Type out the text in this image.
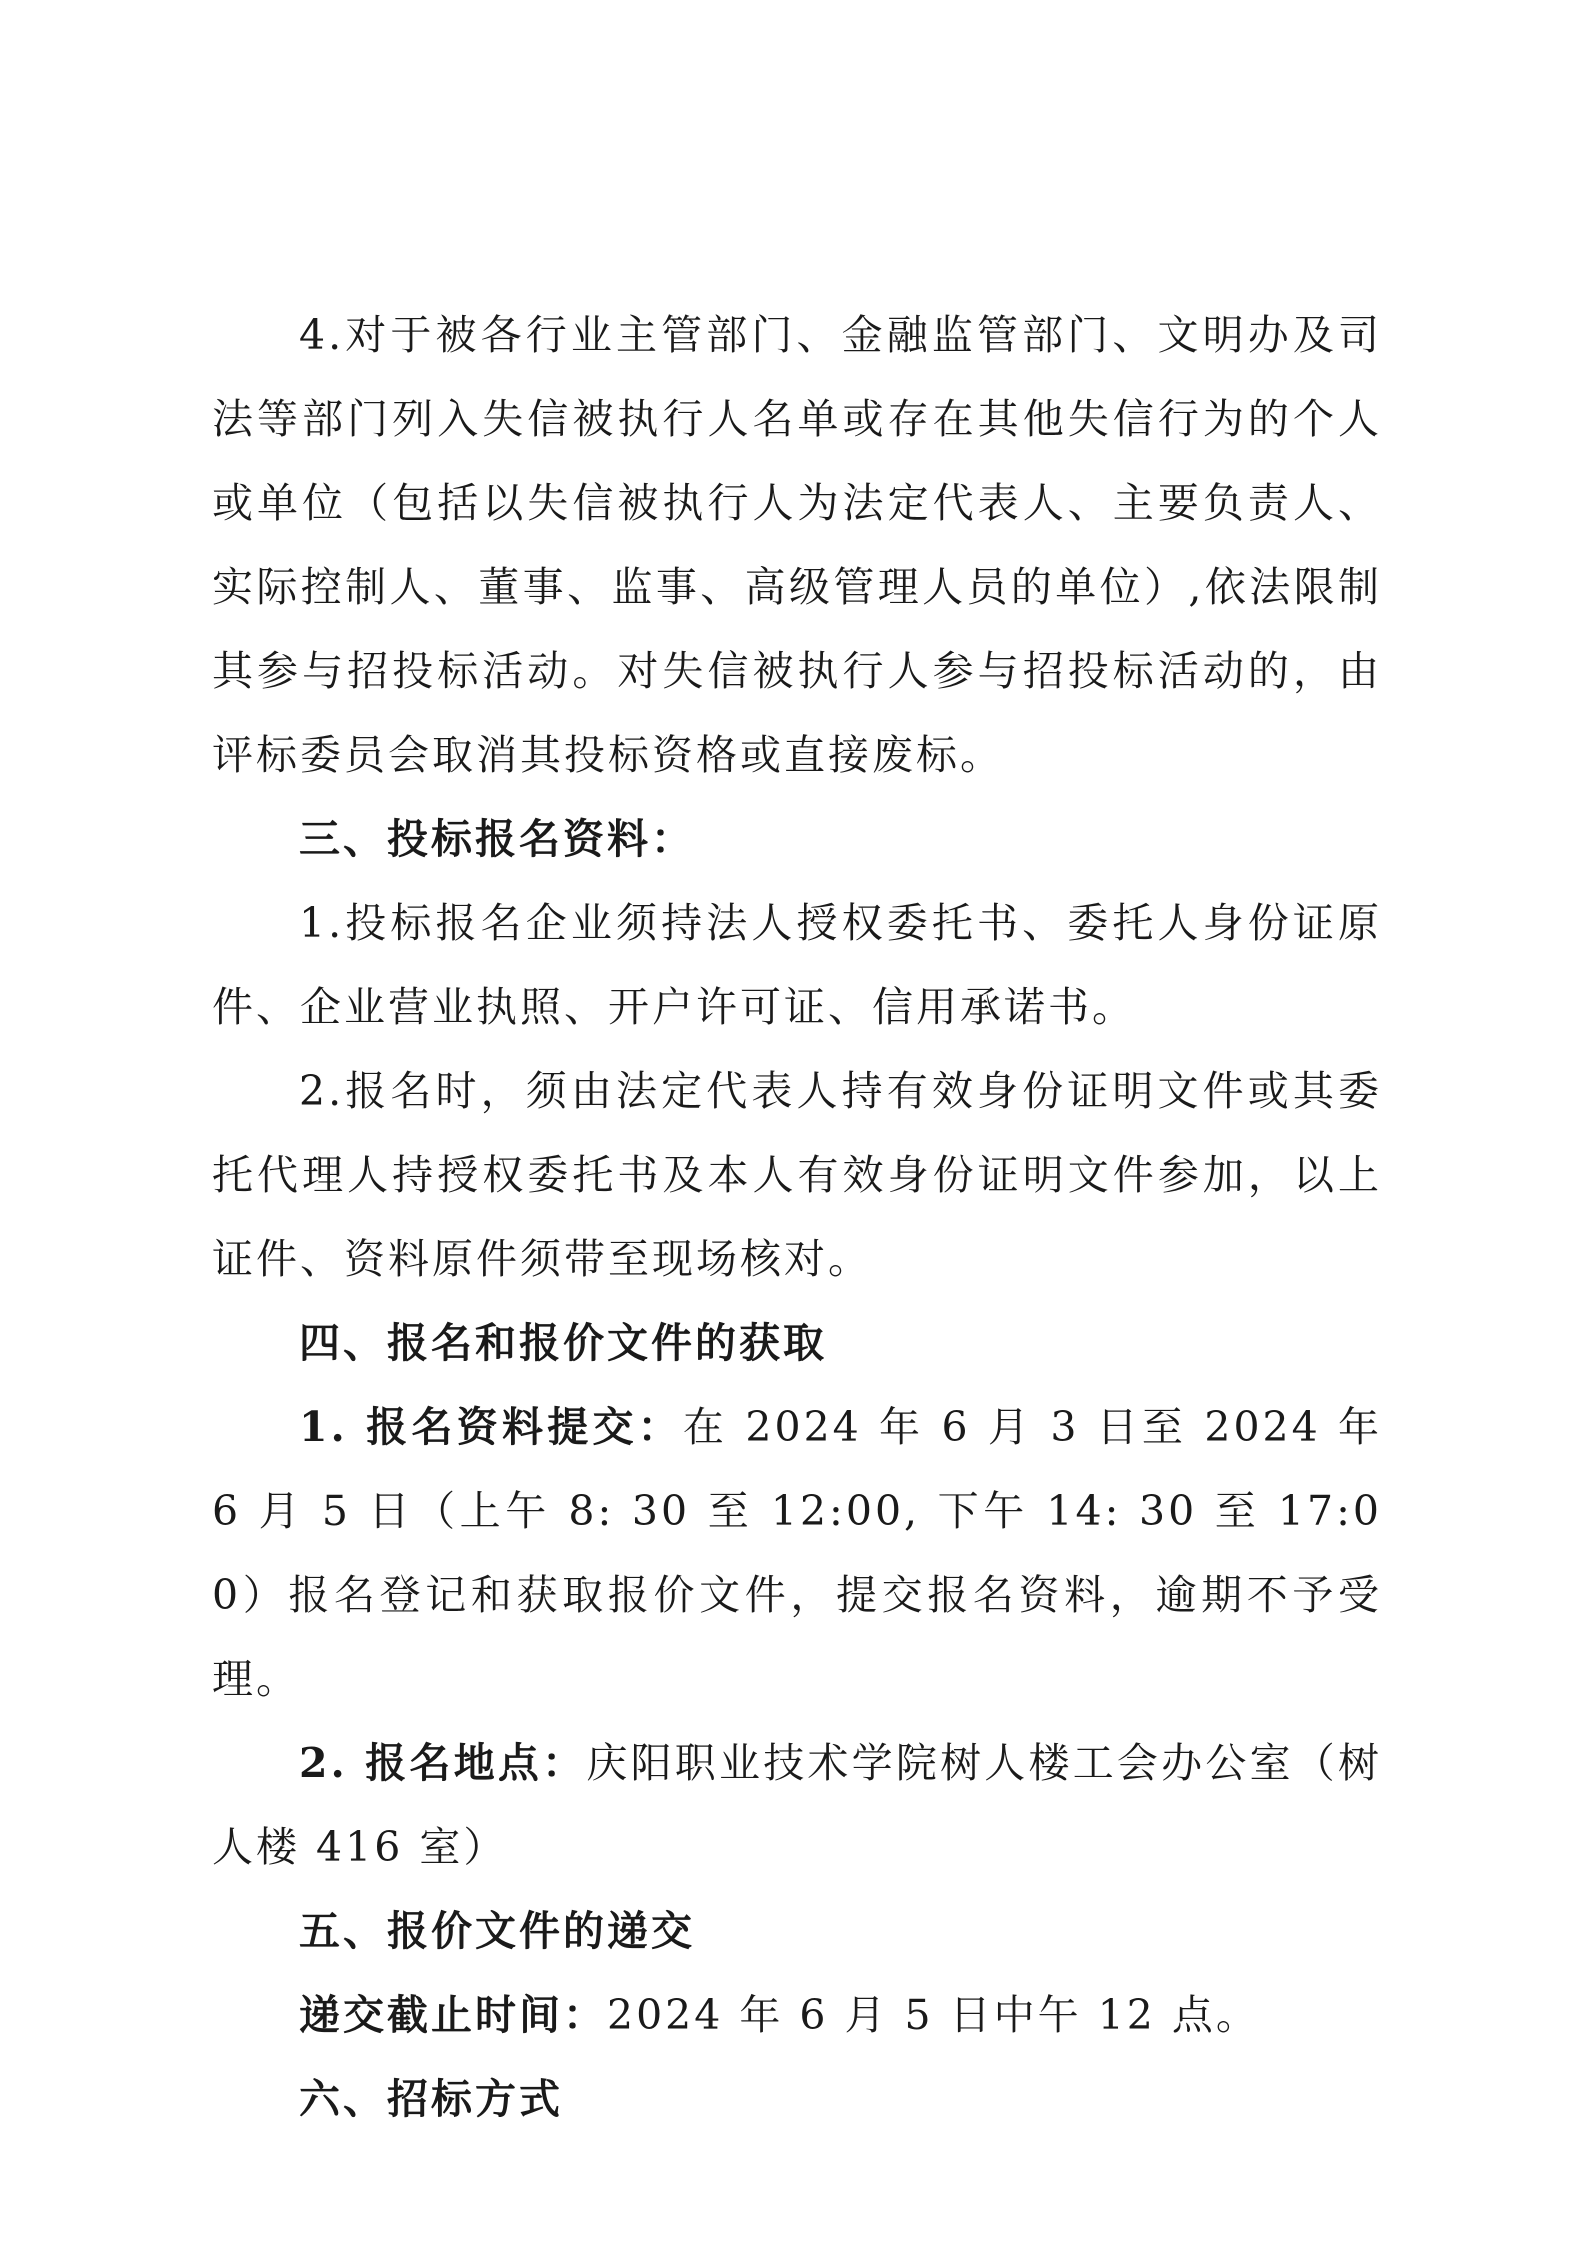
4.对于被各行业主管部门、金融监管部门、文明办及司法等部门列入失信被执行人名单或存在其他失信行为的个人或单位（包括以失信被执行人为法定代表人、主要负责人、实际控制人、董事、监事、高级管理人员的单位）,依法限制其参与招投标活动。对失信被执行人参与招投标活动的，由评标委员会取消其投标资格或直接废标。

三、投标报名资料：

1.投标报名企业须持法人授权委托书、委托人身份证原件、企业营业执照、开户许可证、信用承诺书。

2.报名时，须由法定代表人持有效身份证明文件或其委托代理人持授权委托书及本人有效身份证明文件参加，以上证件、资料原件须带至现场核对。

四、报名和报价文件的获取

1. 报名资料提交：在 2024 年 6 月 3 日至 2024 年 6 月 5 日（上午 8: 30 至 12:00, 下午 14: 30 至 17:00）报名登记和获取报价文件，提交报名资料，逾期不予受理。

2. 报名地点：庆阳职业技术学院树人楼工会办公室（树人楼 416 室）

五、报价文件的递交

递交截止时间：2024 年 6 月 5 日中午 12 点。

六、招标方式
